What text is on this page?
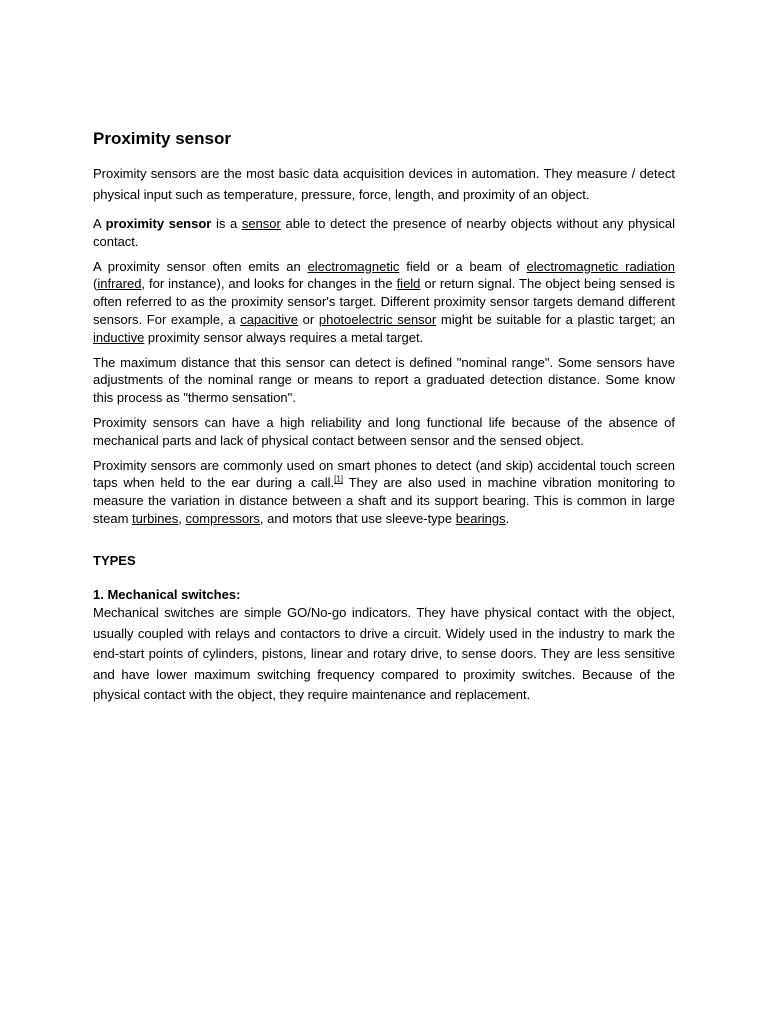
Proximity sensor

Proximity sensors are the most basic data acquisition devices in automation. They measure / detect physical input such as temperature, pressure, force, length, and proximity of an object.

A proximity sensor is a sensor able to detect the presence of nearby objects without any physical contact.

A proximity sensor often emits an electromagnetic field or a beam of electromagnetic radiation (infrared, for instance), and looks for changes in the field or return signal. The object being sensed is often referred to as the proximity sensor's target. Different proximity sensor targets demand different sensors. For example, a capacitive or photoelectric sensor might be suitable for a plastic target; an inductive proximity sensor always requires a metal target.

The maximum distance that this sensor can detect is defined "nominal range". Some sensors have adjustments of the nominal range or means to report a graduated detection distance. Some know this process as "thermo sensation".

Proximity sensors can have a high reliability and long functional life because of the absence of mechanical parts and lack of physical contact between sensor and the sensed object.

Proximity sensors are commonly used on smart phones to detect (and skip) accidental touch screen taps when held to the ear during a call.[1] They are also used in machine vibration monitoring to measure the variation in distance between a shaft and its support bearing. This is common in large steam turbines, compressors, and motors that use sleeve-type bearings.

TYPES
1. Mechanical switches:

Mechanical switches are simple GO/No-go indicators. They have physical contact with the object, usually coupled with relays and contactors to drive a circuit. Widely used in the industry to mark the end-start points of cylinders, pistons, linear and rotary drive, to sense doors. They are less sensitive and have lower maximum switching frequency compared to proximity switches. Because of the physical contact with the object, they require maintenance and replacement.
